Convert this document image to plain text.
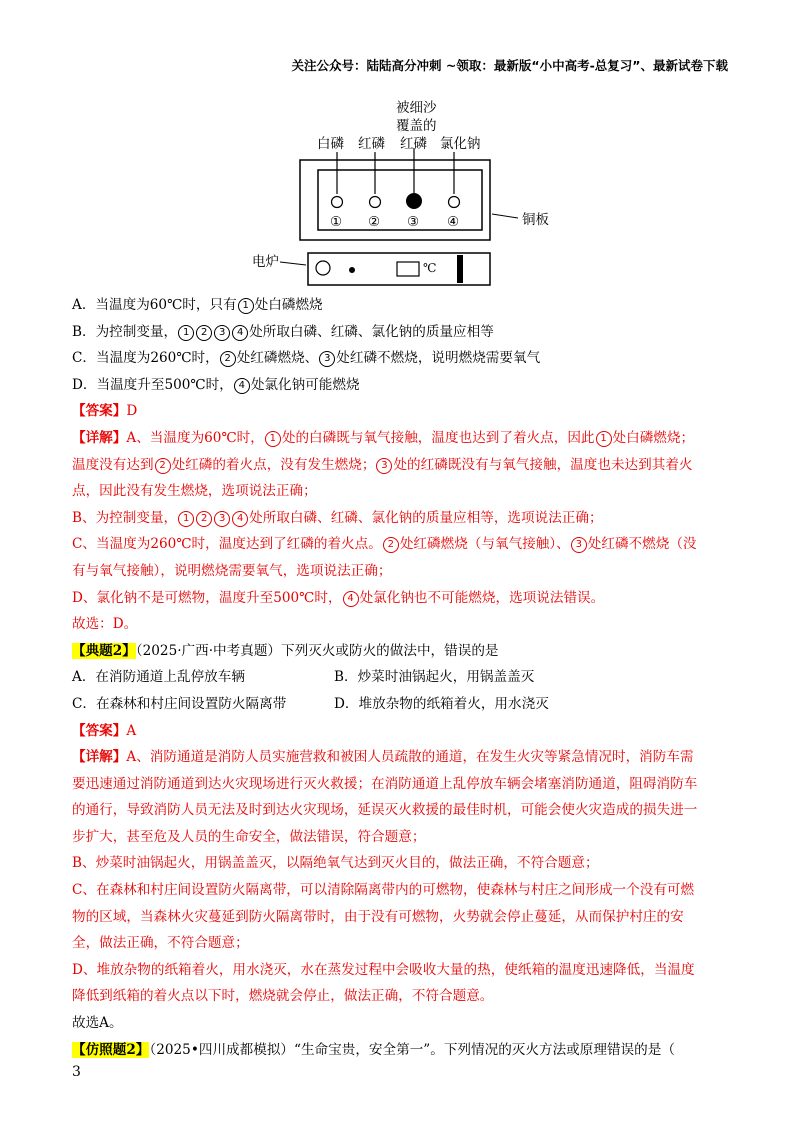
关注公众号：陆陆高分冲刺 ~领取：最新版“小中高考-总复习”、最新试卷下载
被细沙
覆盖的
白磷 红磷 红磷 氯化钠
① ② ③ ④	铜板
电炉	℃
A．当温度为60℃时，只有 1 处白磷燃烧
B．为控制变量， 1 2 3 4 处所取白磷、红磷、氯化钠的质量应相等
C．当温度为260℃时， 2 处红磷燃烧、 3 处红磷不燃烧，说明燃烧需要氧气
D．当温度升至500℃时， 4 处氯化钠可能燃烧
【答案】D
【详解】A、当温度为60℃时， 1 处的白磷既与氧气接触，温度也达到了着火点，因此 1 处白磷燃烧；
温度没有达到 2 处红磷的着火点，没有发生燃烧； 3 处的红磷既没有与氧气接触，温度也未达到其着火
点，因此没有发生燃烧，选项说法正确；
B、为控制变量， 1 2 3 4 处所取白磷、红磷、氯化钠的质量应相等，选项说法正确；
C、当温度为260℃时，温度达到了红磷的着火点。 2 处红磷燃烧（与氧气接触）、 3 处红磷不燃烧（没
有与氧气接触），说明燃烧需要氧气，选项说法正确；
D、氯化钠不是可燃物，温度升至500℃时， 4 处氯化钠也不可能燃烧，选项说法错误。
故选：D。
【典题2】（2025·广西·中考真题）下列灭火或防火的做法中，错误的是
A．在消防通道上乱停放车辆	B．炒菜时油锅起火，用锅盖盖灭
C．在森林和村庄间设置防火隔离带	D．堆放杂物的纸箱着火，用水浇灭
【答案】A
【详解】A、消防通道是消防人员实施营救和被困人员疏散的通道，在发生火灾等紧急情况时，消防车需
要迅速通过消防通道到达火灾现场进行灭火救援；在消防通道上乱停放车辆会堵塞消防通道，阻碍消防车
的通行，导致消防人员无法及时到达火灾现场，延误灭火救援的最佳时机，可能会使火灾造成的损失进一
步扩大，甚至危及人员的生命安全，做法错误，符合题意；
B、炒菜时油锅起火，用锅盖盖灭，以隔绝氧气达到灭火目的，做法正确，不符合题意；
C、在森林和村庄间设置防火隔离带，可以清除隔离带内的可燃物，使森林与村庄之间形成一个没有可燃
物的区域，当森林火灾蔓延到防火隔离带时，由于没有可燃物，火势就会停止蔓延，从而保护村庄的安
全，做法正确，不符合题意；
D、堆放杂物的纸箱着火，用水浇灭，水在蒸发过程中会吸收大量的热，使纸箱的温度迅速降低，当温度
降低到纸箱的着火点以下时，燃烧就会停止，做法正确，不符合题意。
故选A。
【仿照题2】（2025•四川成都模拟）“生命宝贵，安全第一”。下列情况的灭火方法或原理错误的是（
3
